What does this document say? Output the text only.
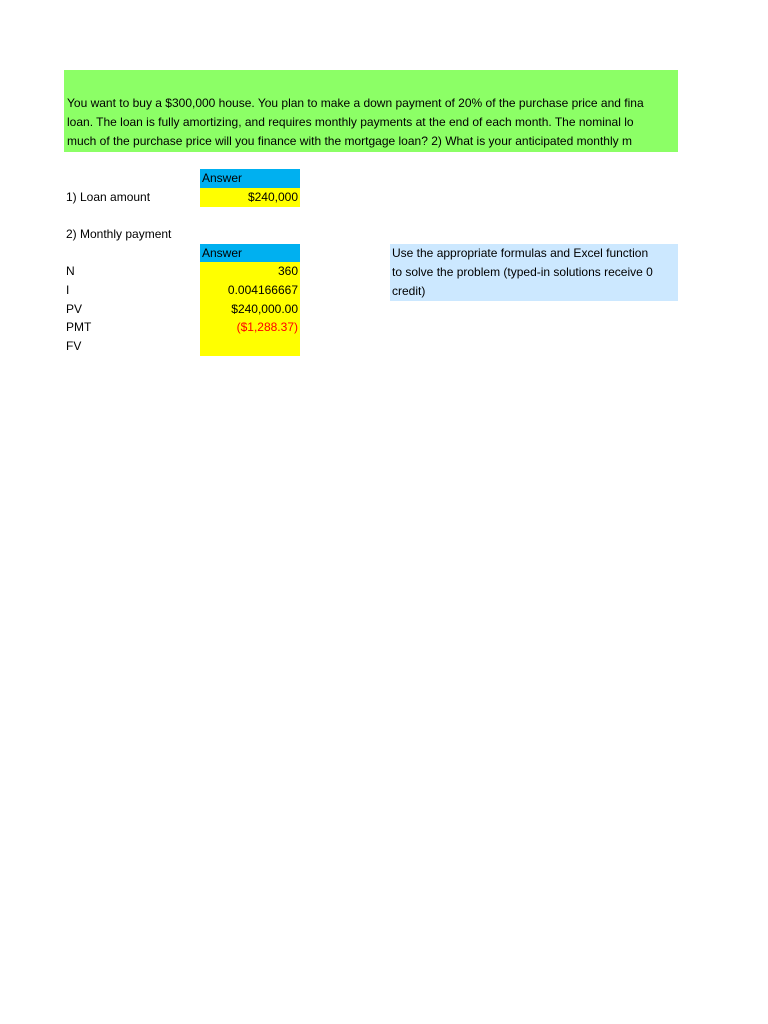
You want to buy a $300,000 house. You plan to make a down payment of 20% of the purchase price and fina
loan. The loan is fully amortizing, and requires monthly payments at the end of each month. The nominal lo
much of the purchase price will you finance with the mortgage loan? 2) What is your anticipated monthly m
Answer
1) Loan amount	$240,000
2) Monthly payment
Answer
N	360
I	0.004166667
PV	$240,000.00
PMT	($1,288.37)
FV
Use the appropriate formulas and Excel function
to solve the problem (typed-in solutions receive 0
credit)
